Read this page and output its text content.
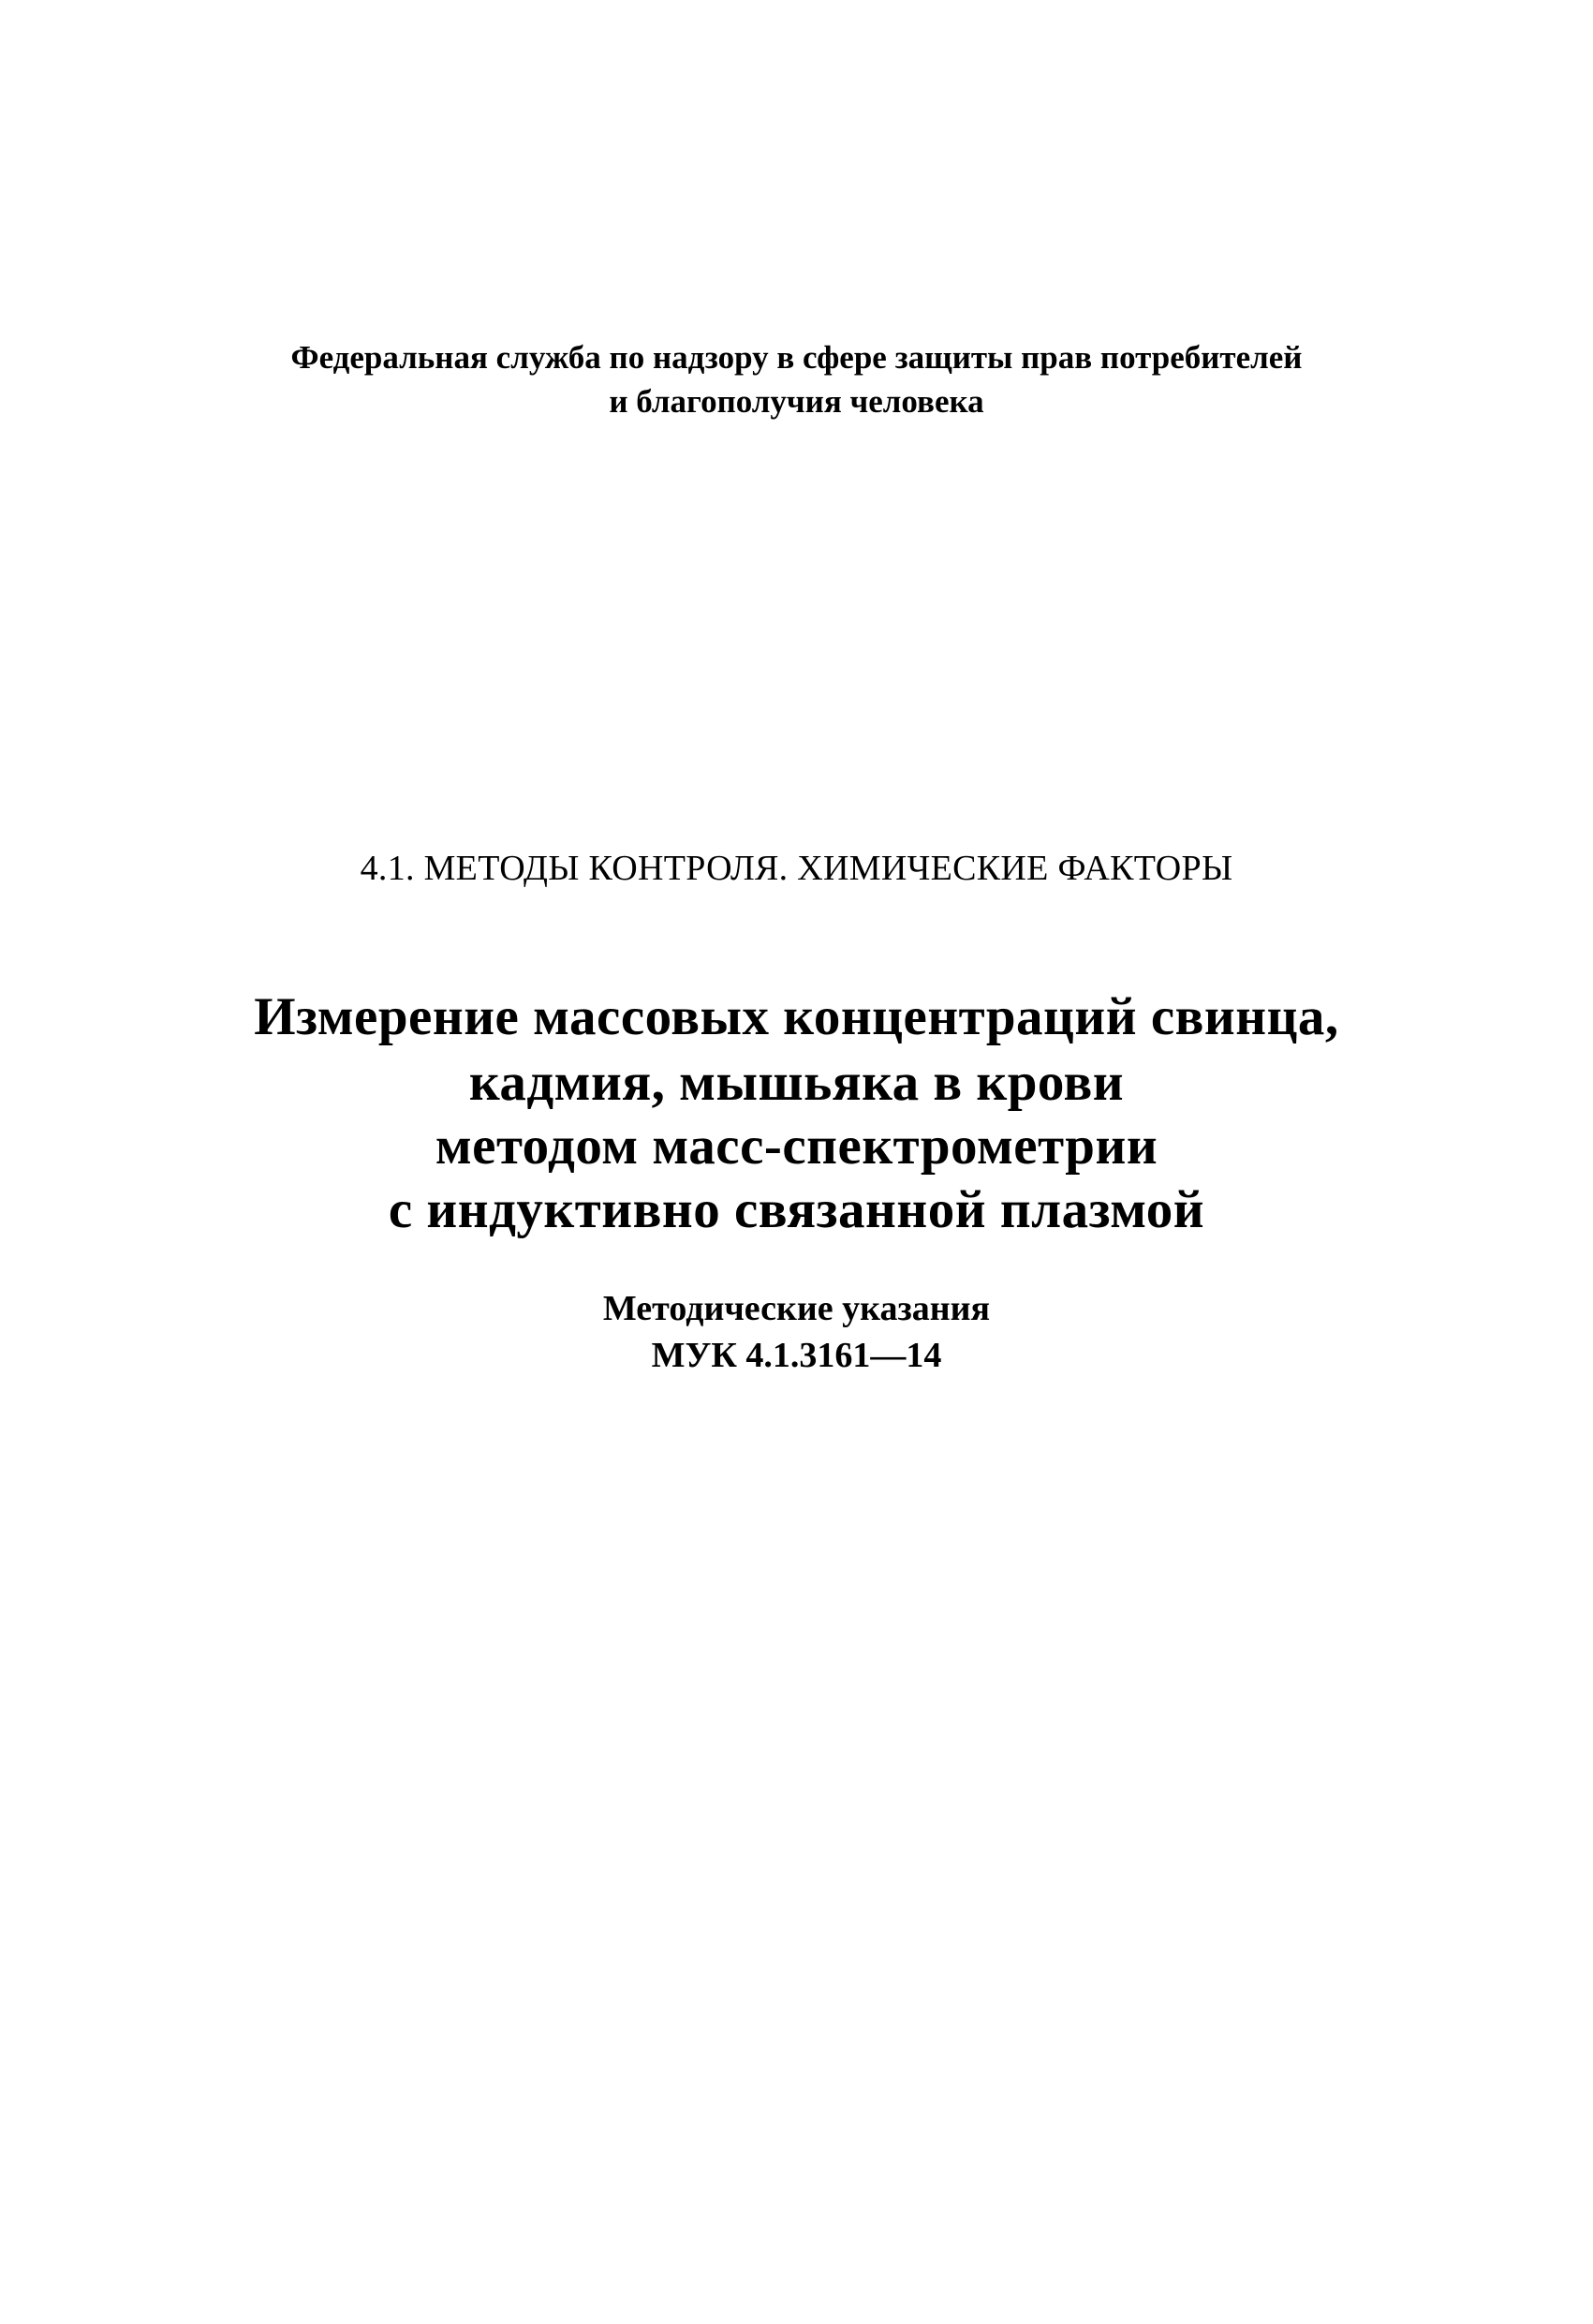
Федеральная служба по надзору в сфере защиты прав потребителей

и благополучия человека

4.1. МЕТОДЫ КОНТРОЛЯ. ХИМИЧЕСКИЕ ФАКТОРЫ

Измерение массовых концентраций свинца,
кадмия, мышьяка в крови
методом масс-спектрометрии
с индуктивно связанной плазмой

Методические указания

МУК 4.1.3161—14
